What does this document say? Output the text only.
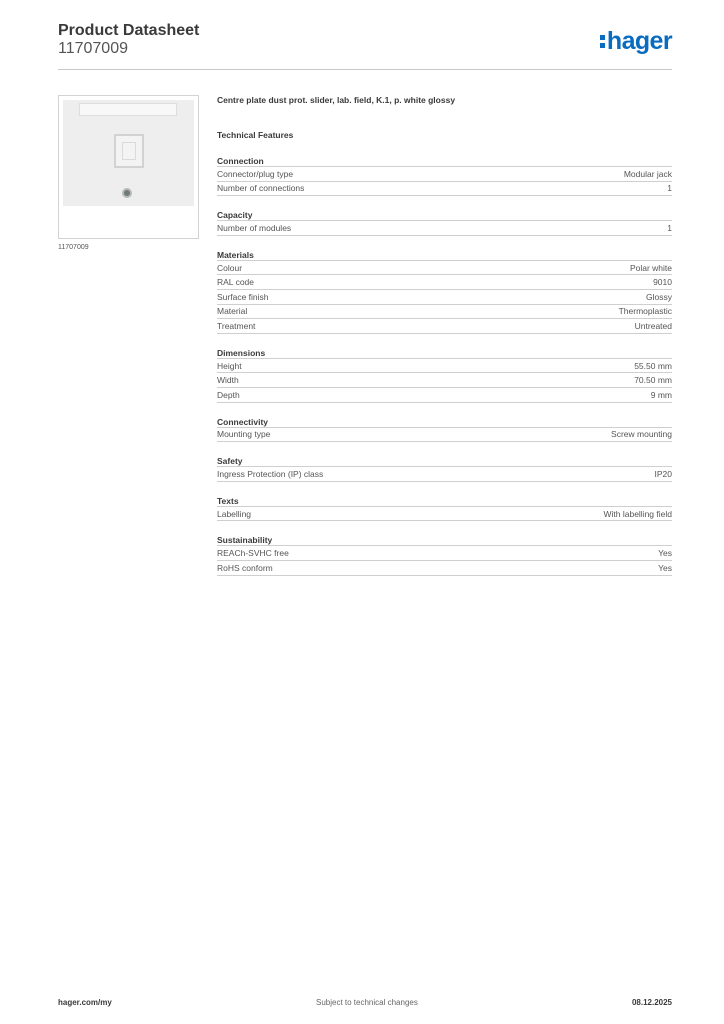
Product Datasheet
11707009	hager
11707009
Centre plate dust prot. slider, lab. field, K.1, p. white glossy
Technical Features
Connection
Connector/plug type	Modular jack
Number of connections	1
Capacity
Number of modules	1
Materials
Colour	Polar white
RAL code	9010
Surface finish	Glossy
Material	Thermoplastic
Treatment	Untreated
Dimensions
Height	55.50 mm
Width	70.50 mm
Depth	9 mm
Connectivity
Mounting type	Screw mounting
Safety
Ingress Protection (IP) class	IP20
Texts
Labelling	With labelling field
Sustainability
REACh-SVHC free	Yes
RoHS conform	Yes
hager.com/my	Subject to technical changes	08.12.2025
